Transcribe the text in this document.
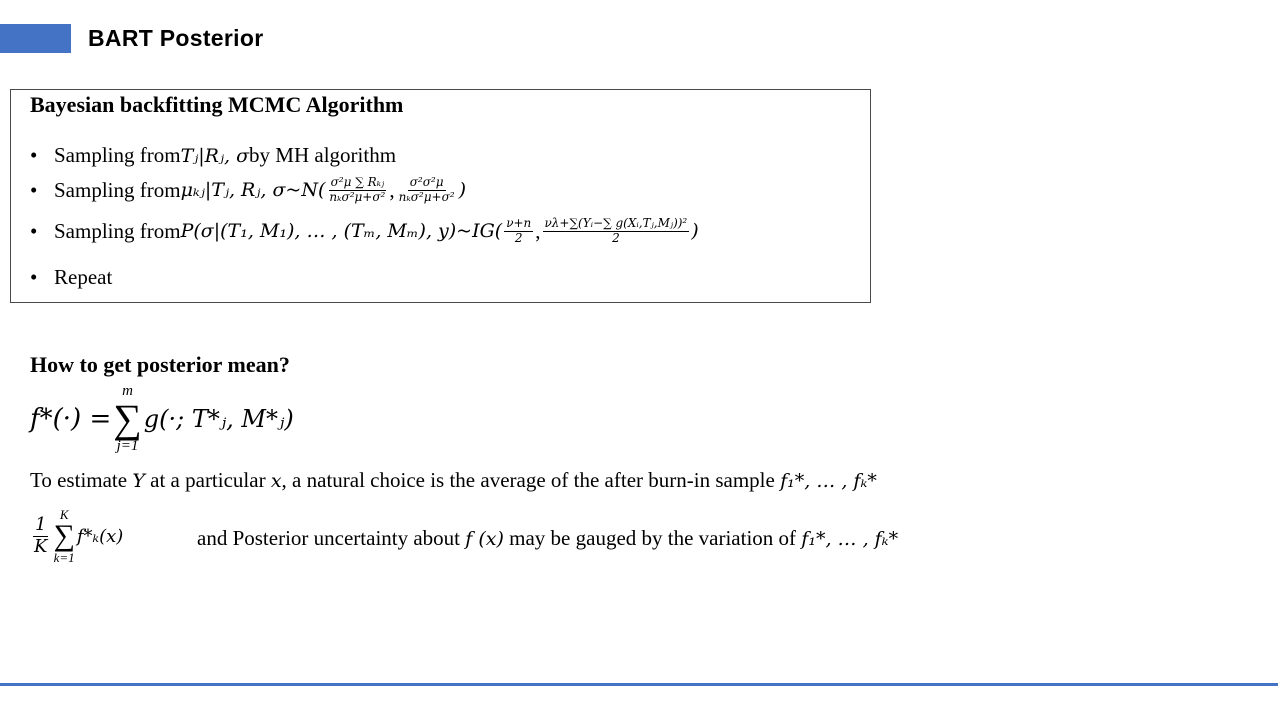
BART Posterior
Bayesian backfitting MCMC Algorithm
• Sampling from Tⱼ|Rⱼ, σ by MH algorithm
• Sampling from μₖⱼ|Tⱼ, Rⱼ, σ~N( $\frac{\text{σ²μ ∑ Rₖⱼ}}{\text{nₖσ²μ+σ²}}$ , $\frac{\text{σ²σ²μ}}{\text{nₖσ²μ+σ²}}$ )
• Sampling from P(σ|(T₁, M₁), … , (Tₘ, Mₘ), y)~IG( $\frac{\nu+n}{2}$ , $\frac{\text{νλ+∑(Yᵢ−∑ g(Xᵢ,Tⱼ,Mⱼ))²}}{2}$ )
• Repeat
How to get posterior mean?
f*(·) =
m
∑
j=1
g(·; T*ⱼ, M*ⱼ)
To estimate Y at a particular x, a natural choice is the average of the after burn-in sample f₁*, … , fₖ*
$\frac{1}{K}$
K
∑
k=1
f*ₖ(x)	and Posterior uncertainty about f (x) may be gauged by the variation of f₁*, … , fₖ*
